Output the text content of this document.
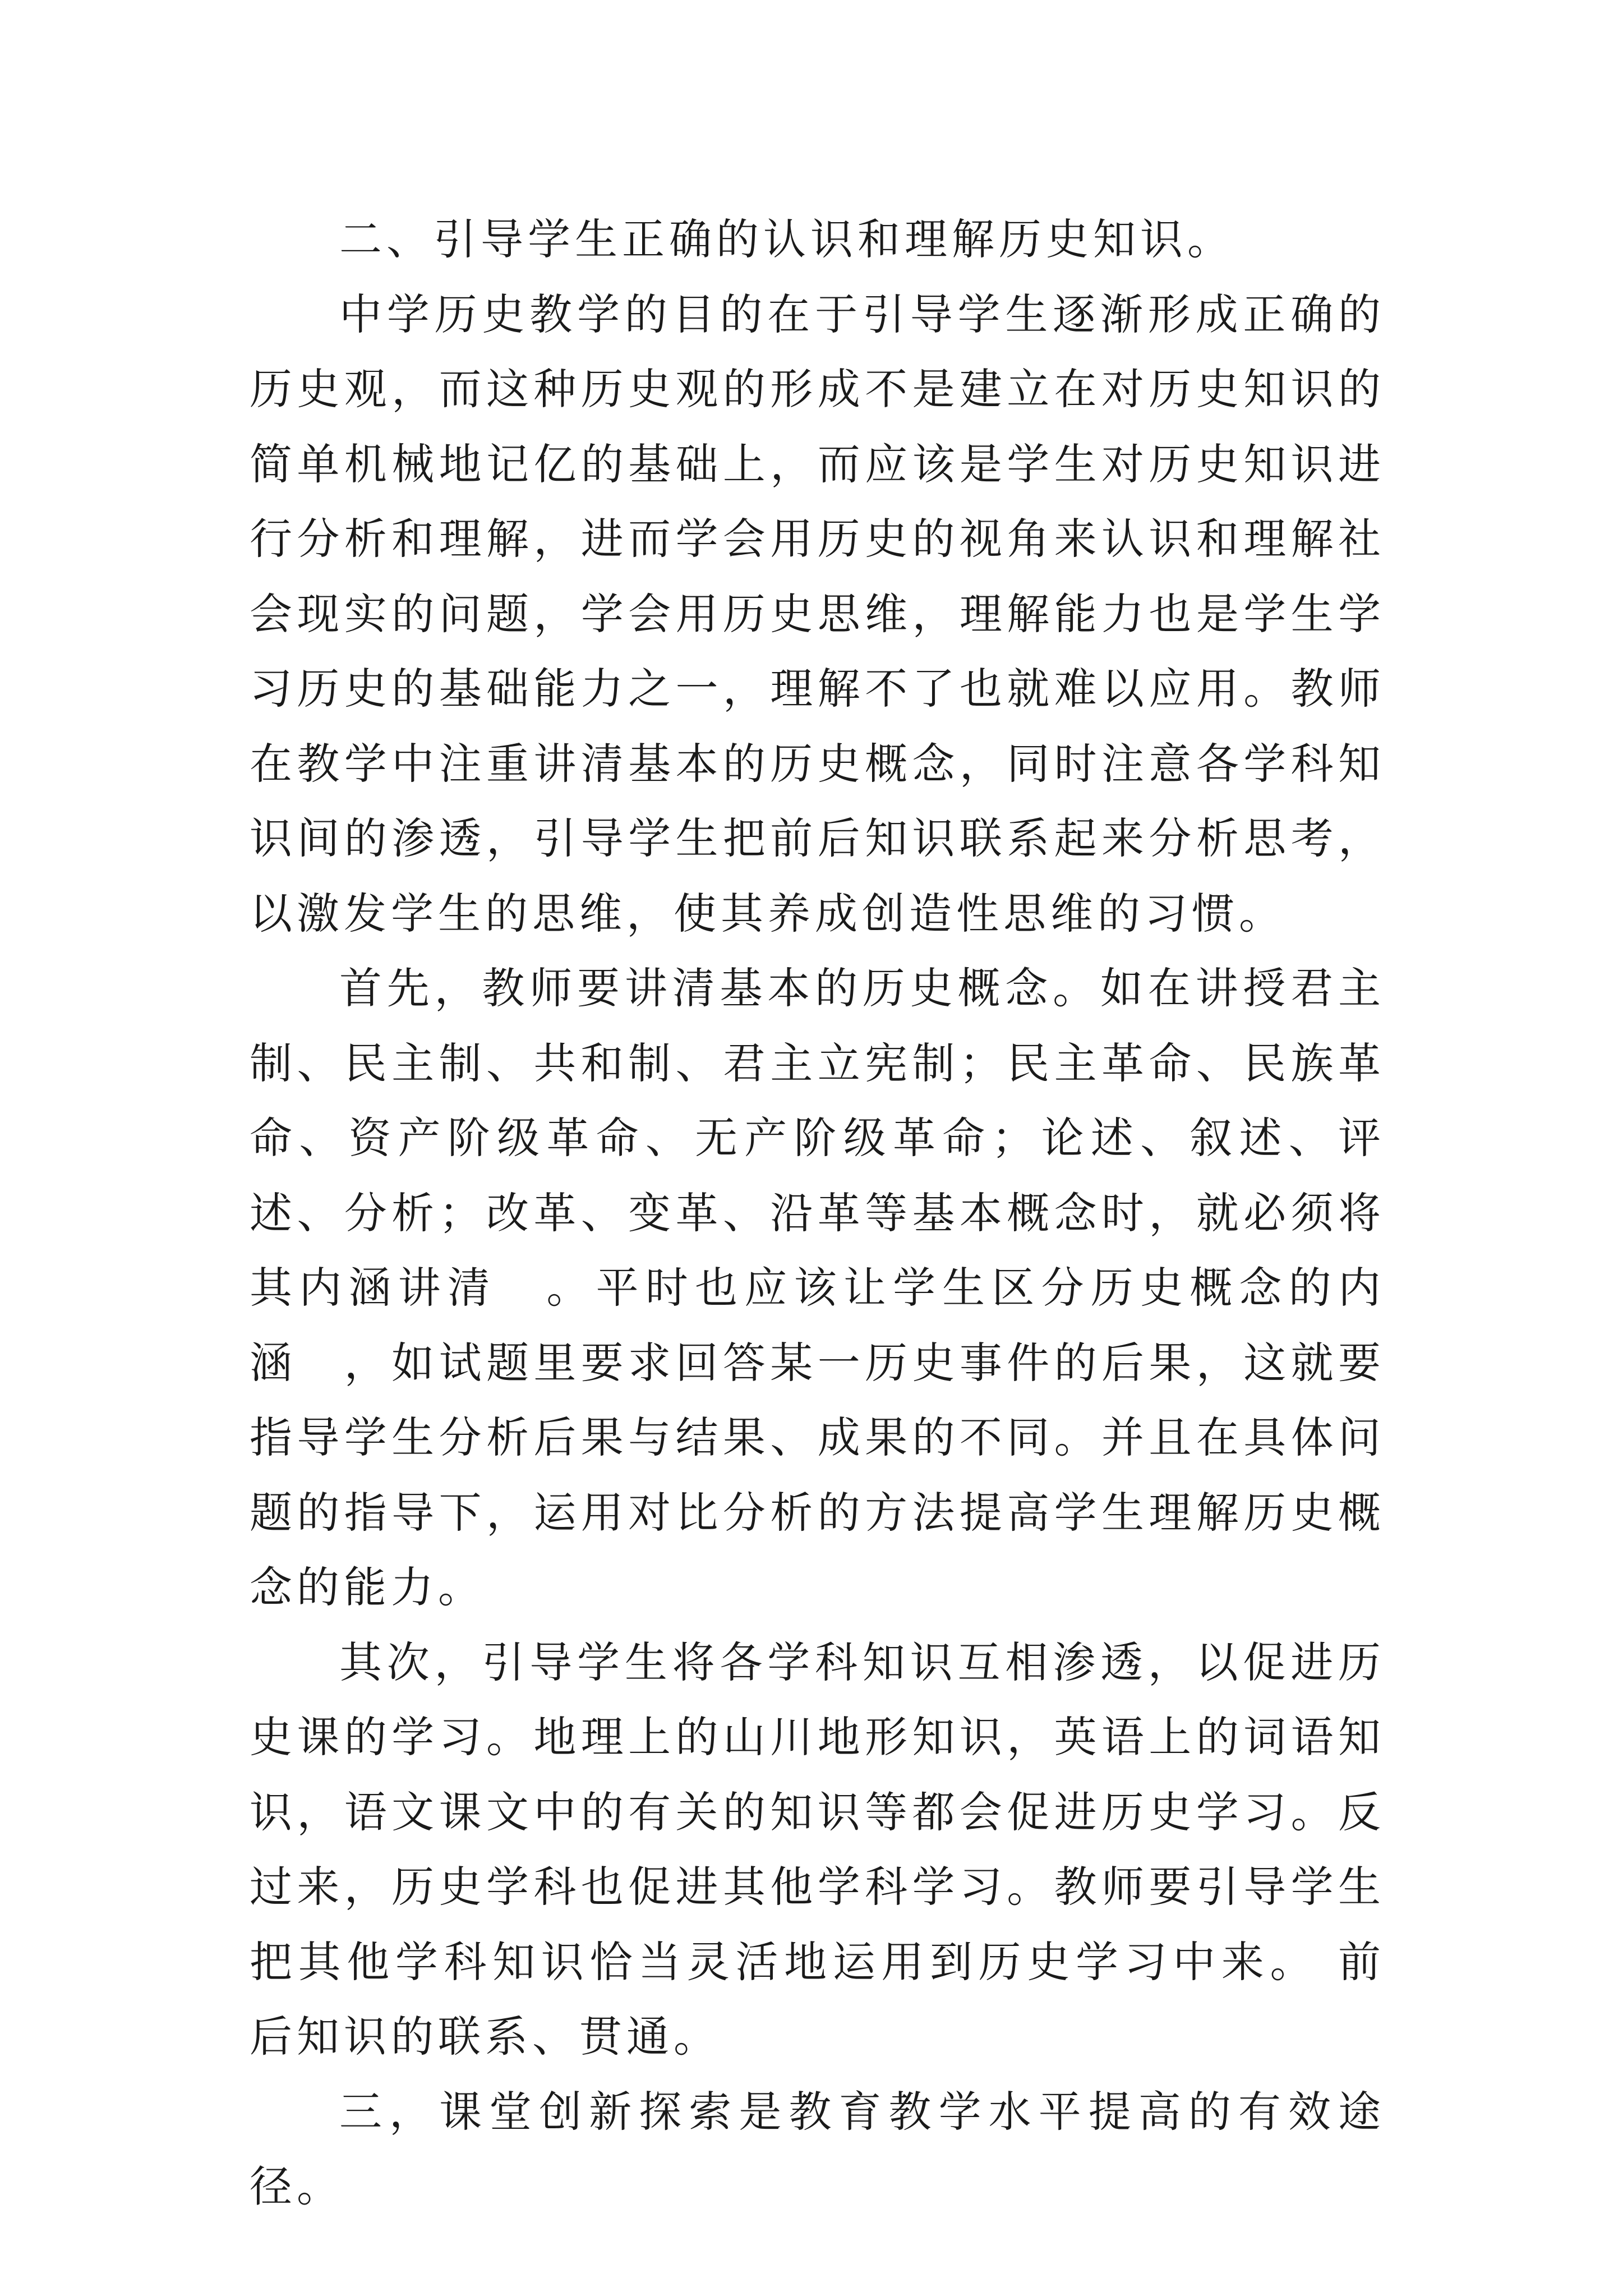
二、引导学生正确的认识和理解历史知识。

中学历史教学的目的在于引导学生逐渐形成正确的历史观，而这种历史观的形成不是建立在对历史知识的简单机械地记亿的基础上，而应该是学生对历史知识进行分析和理解，进而学会用历史的视角来认识和理解社会现实的问题，学会用历史思维，理解能力也是学生学习历史的基础能力之一，理解不了也就难以应用。教师在教学中注重讲清基本的历史概念，同时注意各学科知识间的渗透，引导学生把前后知识联系起来分析思考，以激发学生的思维，使其养成创造性思维的习惯。

首先，教师要讲清基本的历史概念。如在讲授君主制、民主制、共和制、君主立宪制；民主革命、民族革命、资产阶级革命、无产阶级革命；论述、叙述、评述、分析；改革、变革、沿革等基本概念时，就必须将其内涵讲清　。平时也应该让学生区分历史概念的内涵　，如试题里要求回答某一历史事件的后果，这就要指导学生分析后果与结果、成果的不同。并且在具体问题的指导下，运用对比分析的方法提高学生理解历史概念的能力。

其次，引导学生将各学科知识互相渗透，以促进历史课的学习。地理上的山川地形知识，英语上的词语知识，语文课文中的有关的知识等都会促进历史学习。反过来，历史学科也促进其他学科学习。教师要引导学生把其他学科知识恰当灵活地运用到历史学习中来。 前后知识的联系、贯通。

三，课堂创新探索是教育教学水平提高的有效途径。
